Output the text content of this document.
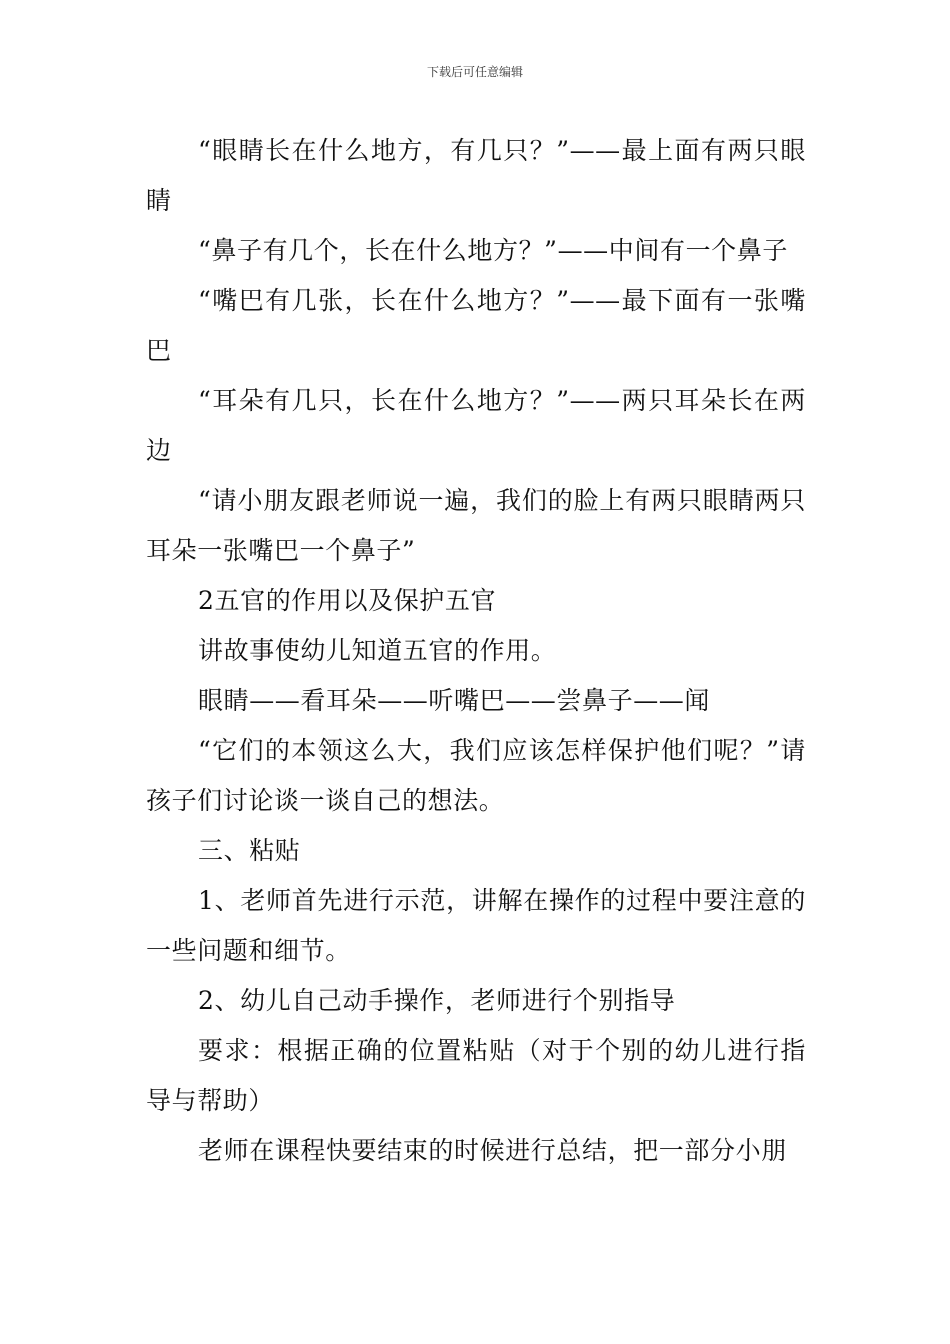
下载后可任意编辑

“眼睛长在什么地方，有几只？”——最上面有两只眼睛

“鼻子有几个，长在什么地方？”——中间有一个鼻子

“嘴巴有几张，长在什么地方？”——最下面有一张嘴巴

“耳朵有几只，长在什么地方？”——两只耳朵长在两边

“请小朋友跟老师说一遍，我们的脸上有两只眼睛两只耳朵一张嘴巴一个鼻子”

2五官的作用以及保护五官

讲故事使幼儿知道五官的作用。

眼睛——看耳朵——听嘴巴——尝鼻子——闻

“它们的本领这么大，我们应该怎样保护他们呢？”请孩子们讨论谈一谈自己的想法。

三、粘贴

1、老师首先进行示范，讲解在操作的过程中要注意的一些问题和细节。

2、幼儿自己动手操作，老师进行个别指导

要求：根据正确的位置粘贴（对于个别的幼儿进行指导与帮助）

老师在课程快要结束的时候进行总结，把一部分小朋
